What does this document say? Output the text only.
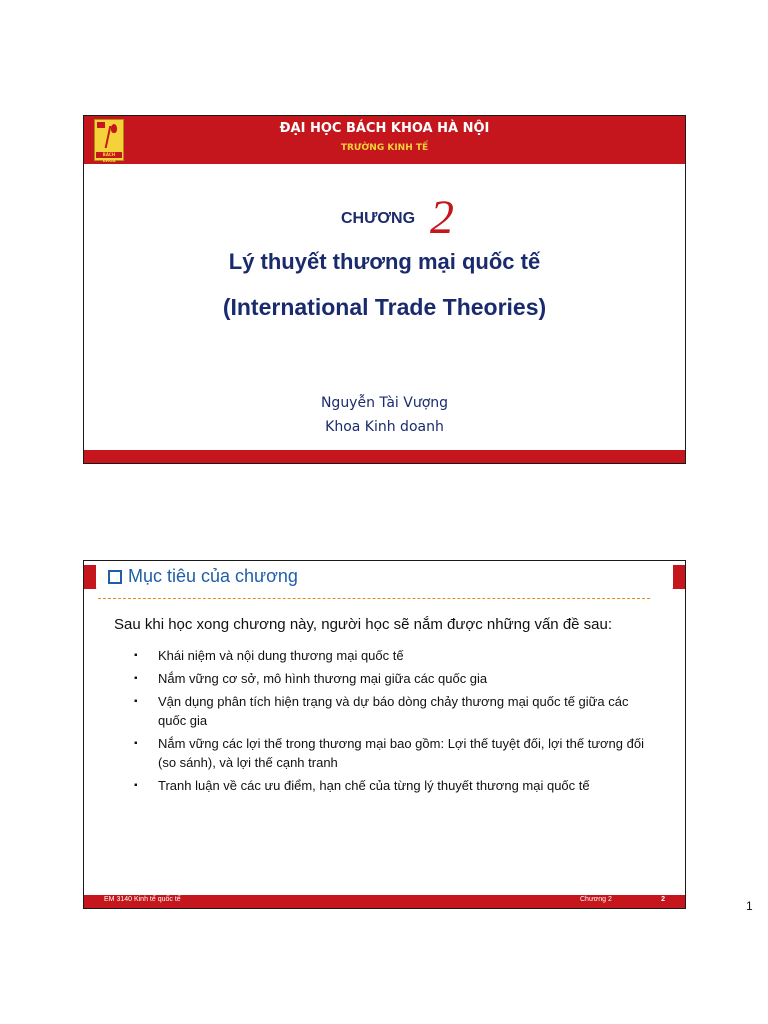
BÁCH KHOA
ĐẠI HỌC BÁCH KHOA HÀ NỘI
TRƯỜNG KINH TẾ
CHƯƠNG 2
Lý thuyết thương mại quốc tế
(International Trade Theories)
Nguyễn Tài Vượng
Khoa Kinh doanh
Mục tiêu của chương
Sau khi học xong chương này, người học sẽ nắm được những vấn đề sau:
▪ Khái niệm và nội dung thương mại quốc tế
▪ Nắm vững cơ sở, mô hình thương mại giữa các quốc gia
▪ Vận dụng phân tích hiện trạng và dự báo dòng chảy thương mại quốc tế giữa các quốc gia
▪ Nắm vững các lợi thế trong thương mại bao gồm: Lợi thế tuyệt đối, lợi thế tương đối (so sánh), và lợi thế cạnh tranh
▪ Tranh luận về các ưu điểm, hạn chế của từng lý thuyết thương mại quốc tế
EM 3140 Kinh tế quốc tế	Chương 2	2	1
